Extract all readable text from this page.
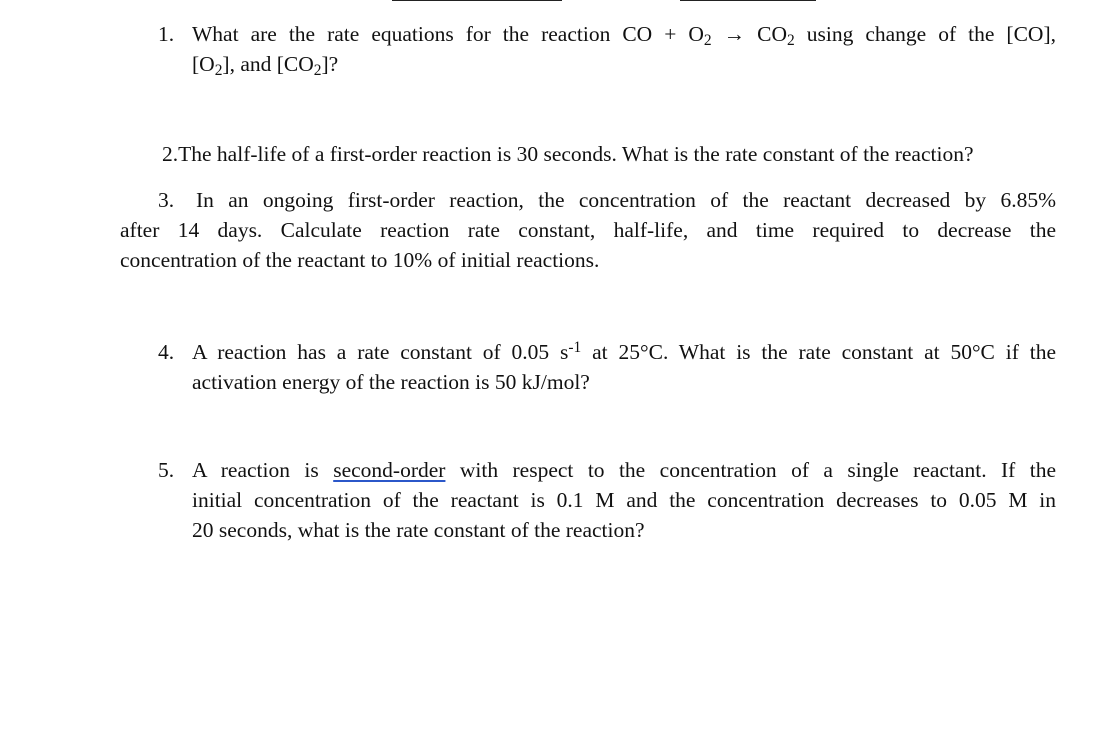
1. What are the rate equations for the reaction CO + $O_2 \to CO_2$ using change of the [CO],
$[O_2]$, and $[CO_2]$?
2.The half-life of a first-order reaction is 30 seconds. What is the rate constant of the reaction?
3. In an ongoing first-order reaction, the concentration of the reactant decreased by 6.85%
after 14 days. Calculate reaction rate constant, half-life, and time required to decrease the
concentration of the reactant to 10% of initial reactions.
4. A reaction has a rate constant of 0.05 $s^{-1}$ at 25°C. What is the rate constant at 50°C if the
activation energy of the reaction is 50 kJ/mol?
5. A reaction is second-order with respect to the concentration of a single reactant. If the
initial concentration of the reactant is 0.1 M and the concentration decreases to 0.05 M in
20 seconds, what is the rate constant of the reaction?
